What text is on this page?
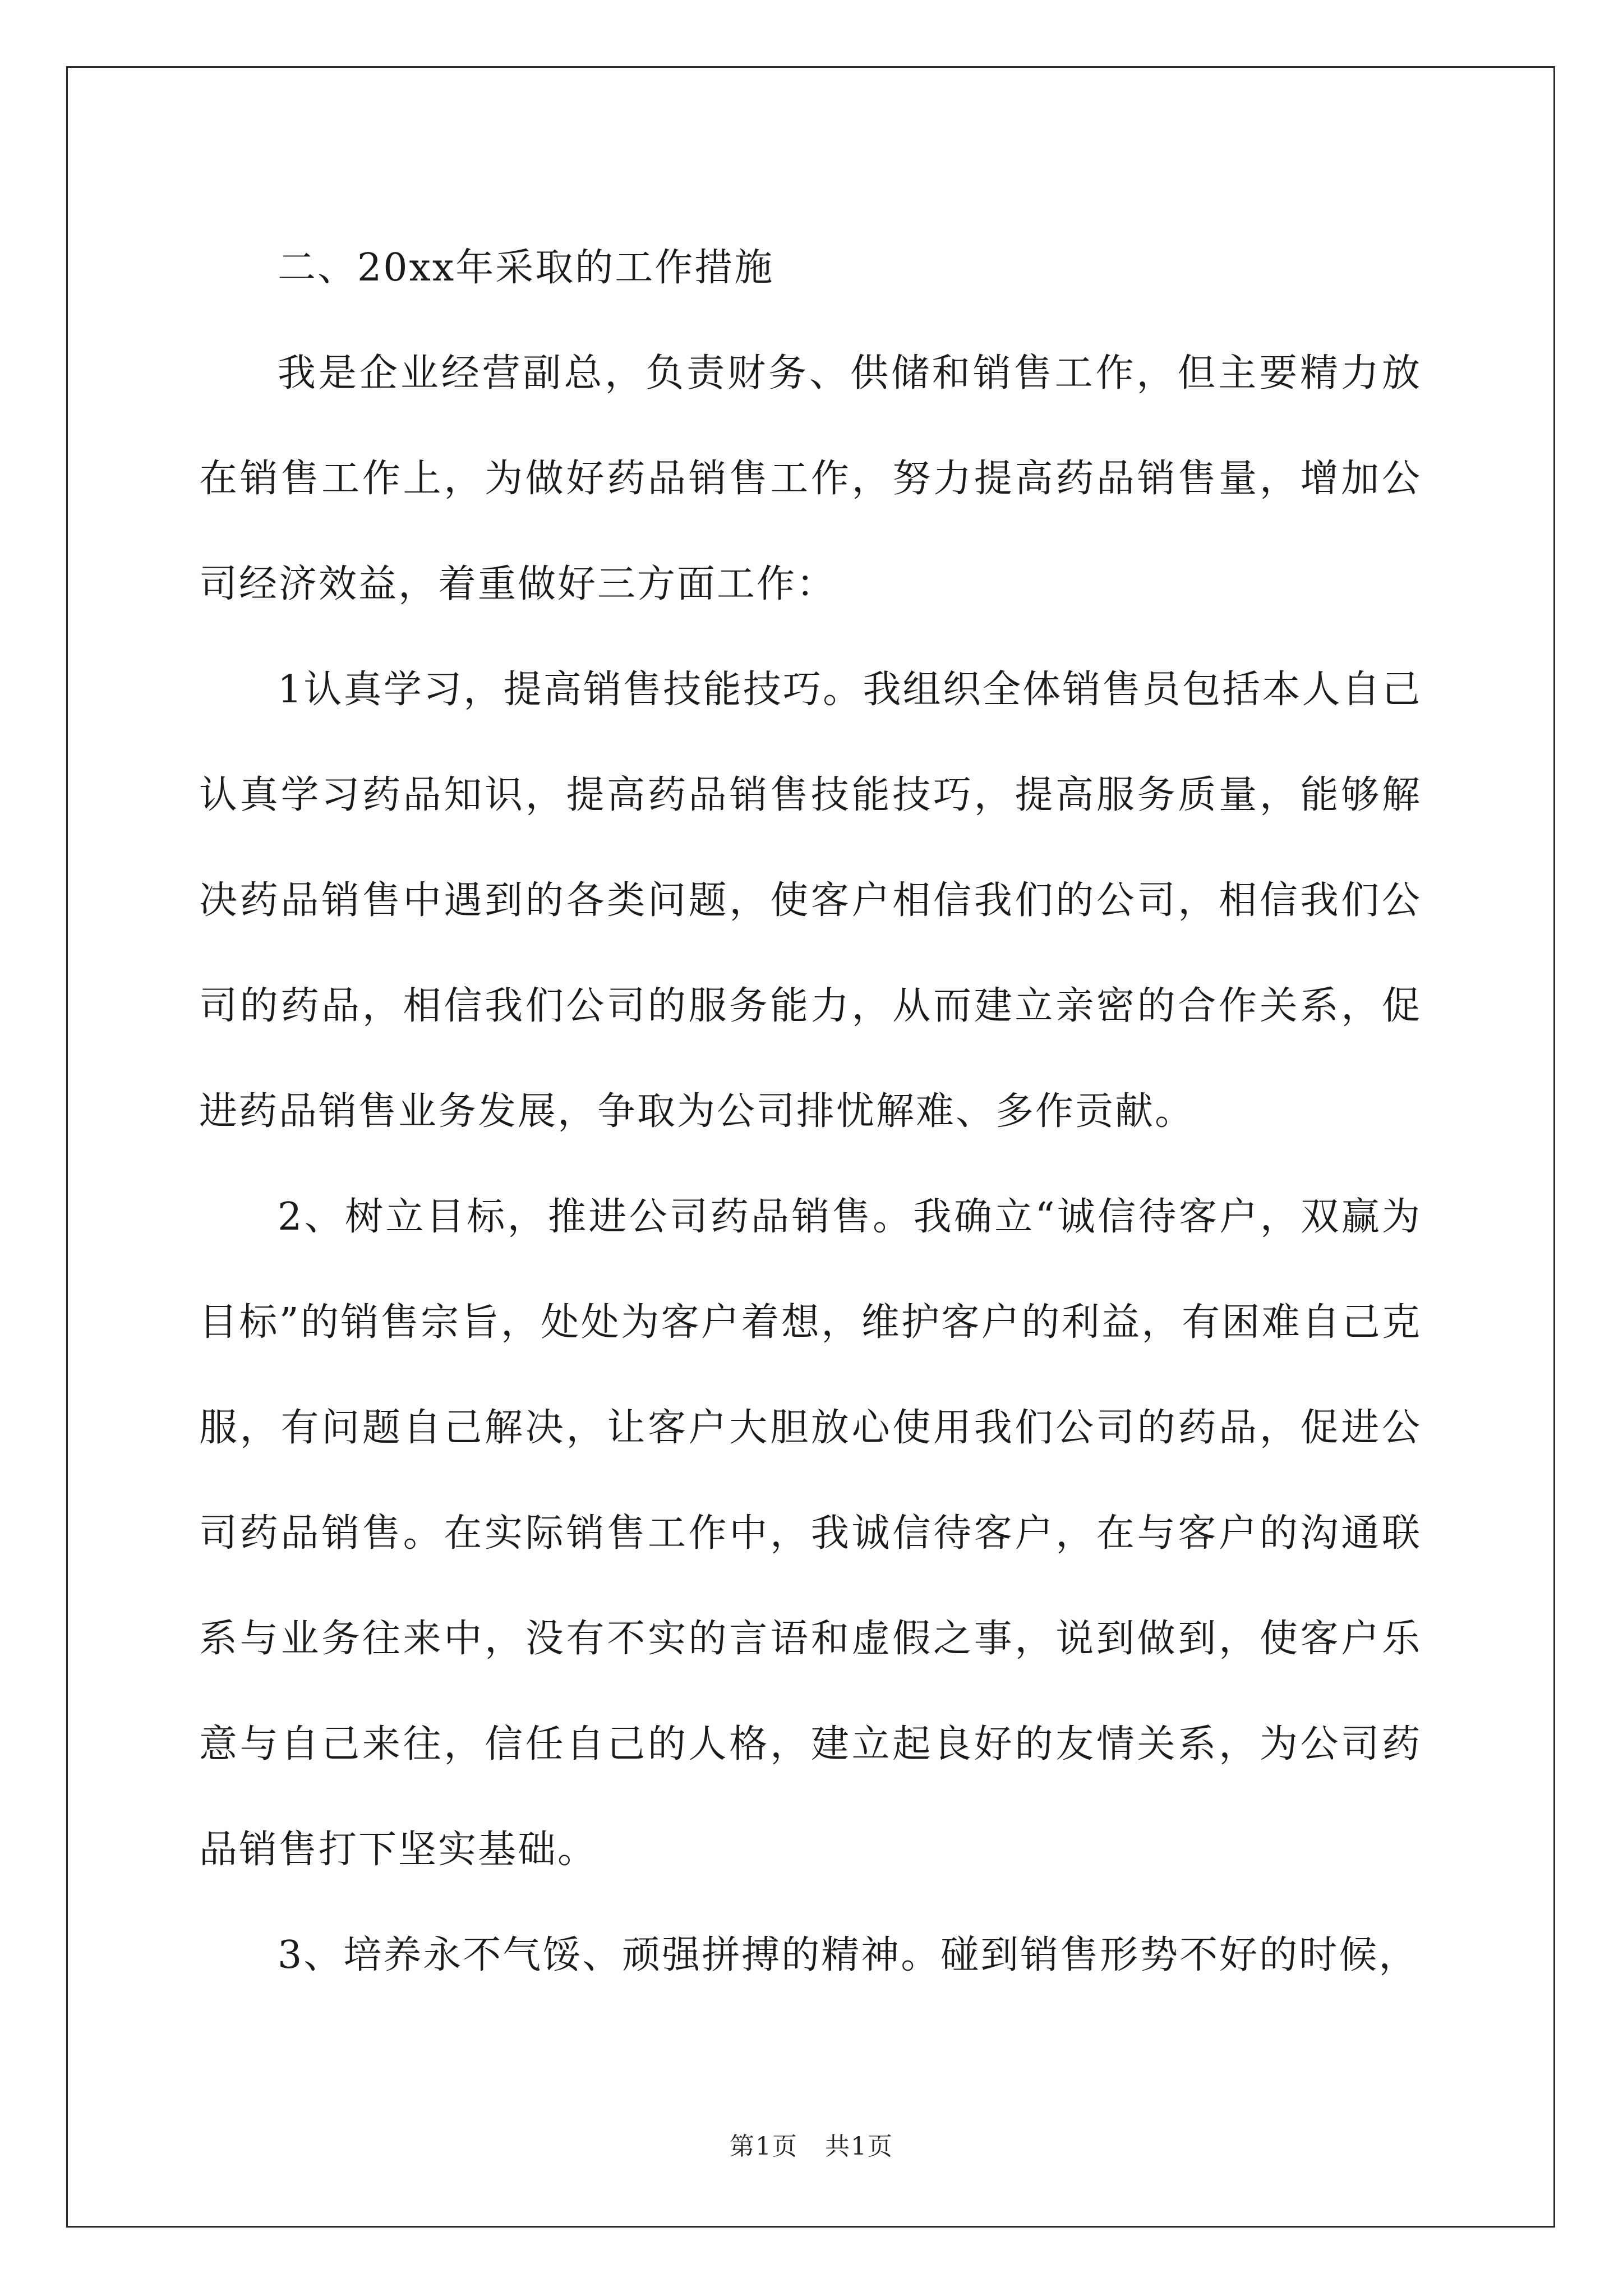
二、20xx年采取的工作措施

我是企业经营副总，负责财务、供储和销售工作，但主要精力放在销售工作上，为做好药品销售工作，努力提高药品销售量，增加公司经济效益，着重做好三方面工作：

1认真学习，提高销售技能技巧。我组织全体销售员包括本人自己认真学习药品知识，提高药品销售技能技巧，提高服务质量，能够解决药品销售中遇到的各类问题，使客户相信我们的公司，相信我们公司的药品，相信我们公司的服务能力，从而建立亲密的合作关系，促进药品销售业务发展，争取为公司排忧解难、多作贡献。

2、树立目标，推进公司药品销售。我确立“诚信待客户，双赢为目标”的销售宗旨，处处为客户着想，维护客户的利益，有困难自己克服，有问题自己解决，让客户大胆放心使用我们公司的药品，促进公司药品销售。在实际销售工作中，我诚信待客户，在与客户的沟通联系与业务往来中，没有不实的言语和虚假之事，说到做到，使客户乐意与自己来往，信任自己的人格，建立起良好的友情关系，为公司药品销售打下坚实基础。

3、培养永不气馁、顽强拼搏的精神。碰到销售形势不好的时候，

第1页   共1页
